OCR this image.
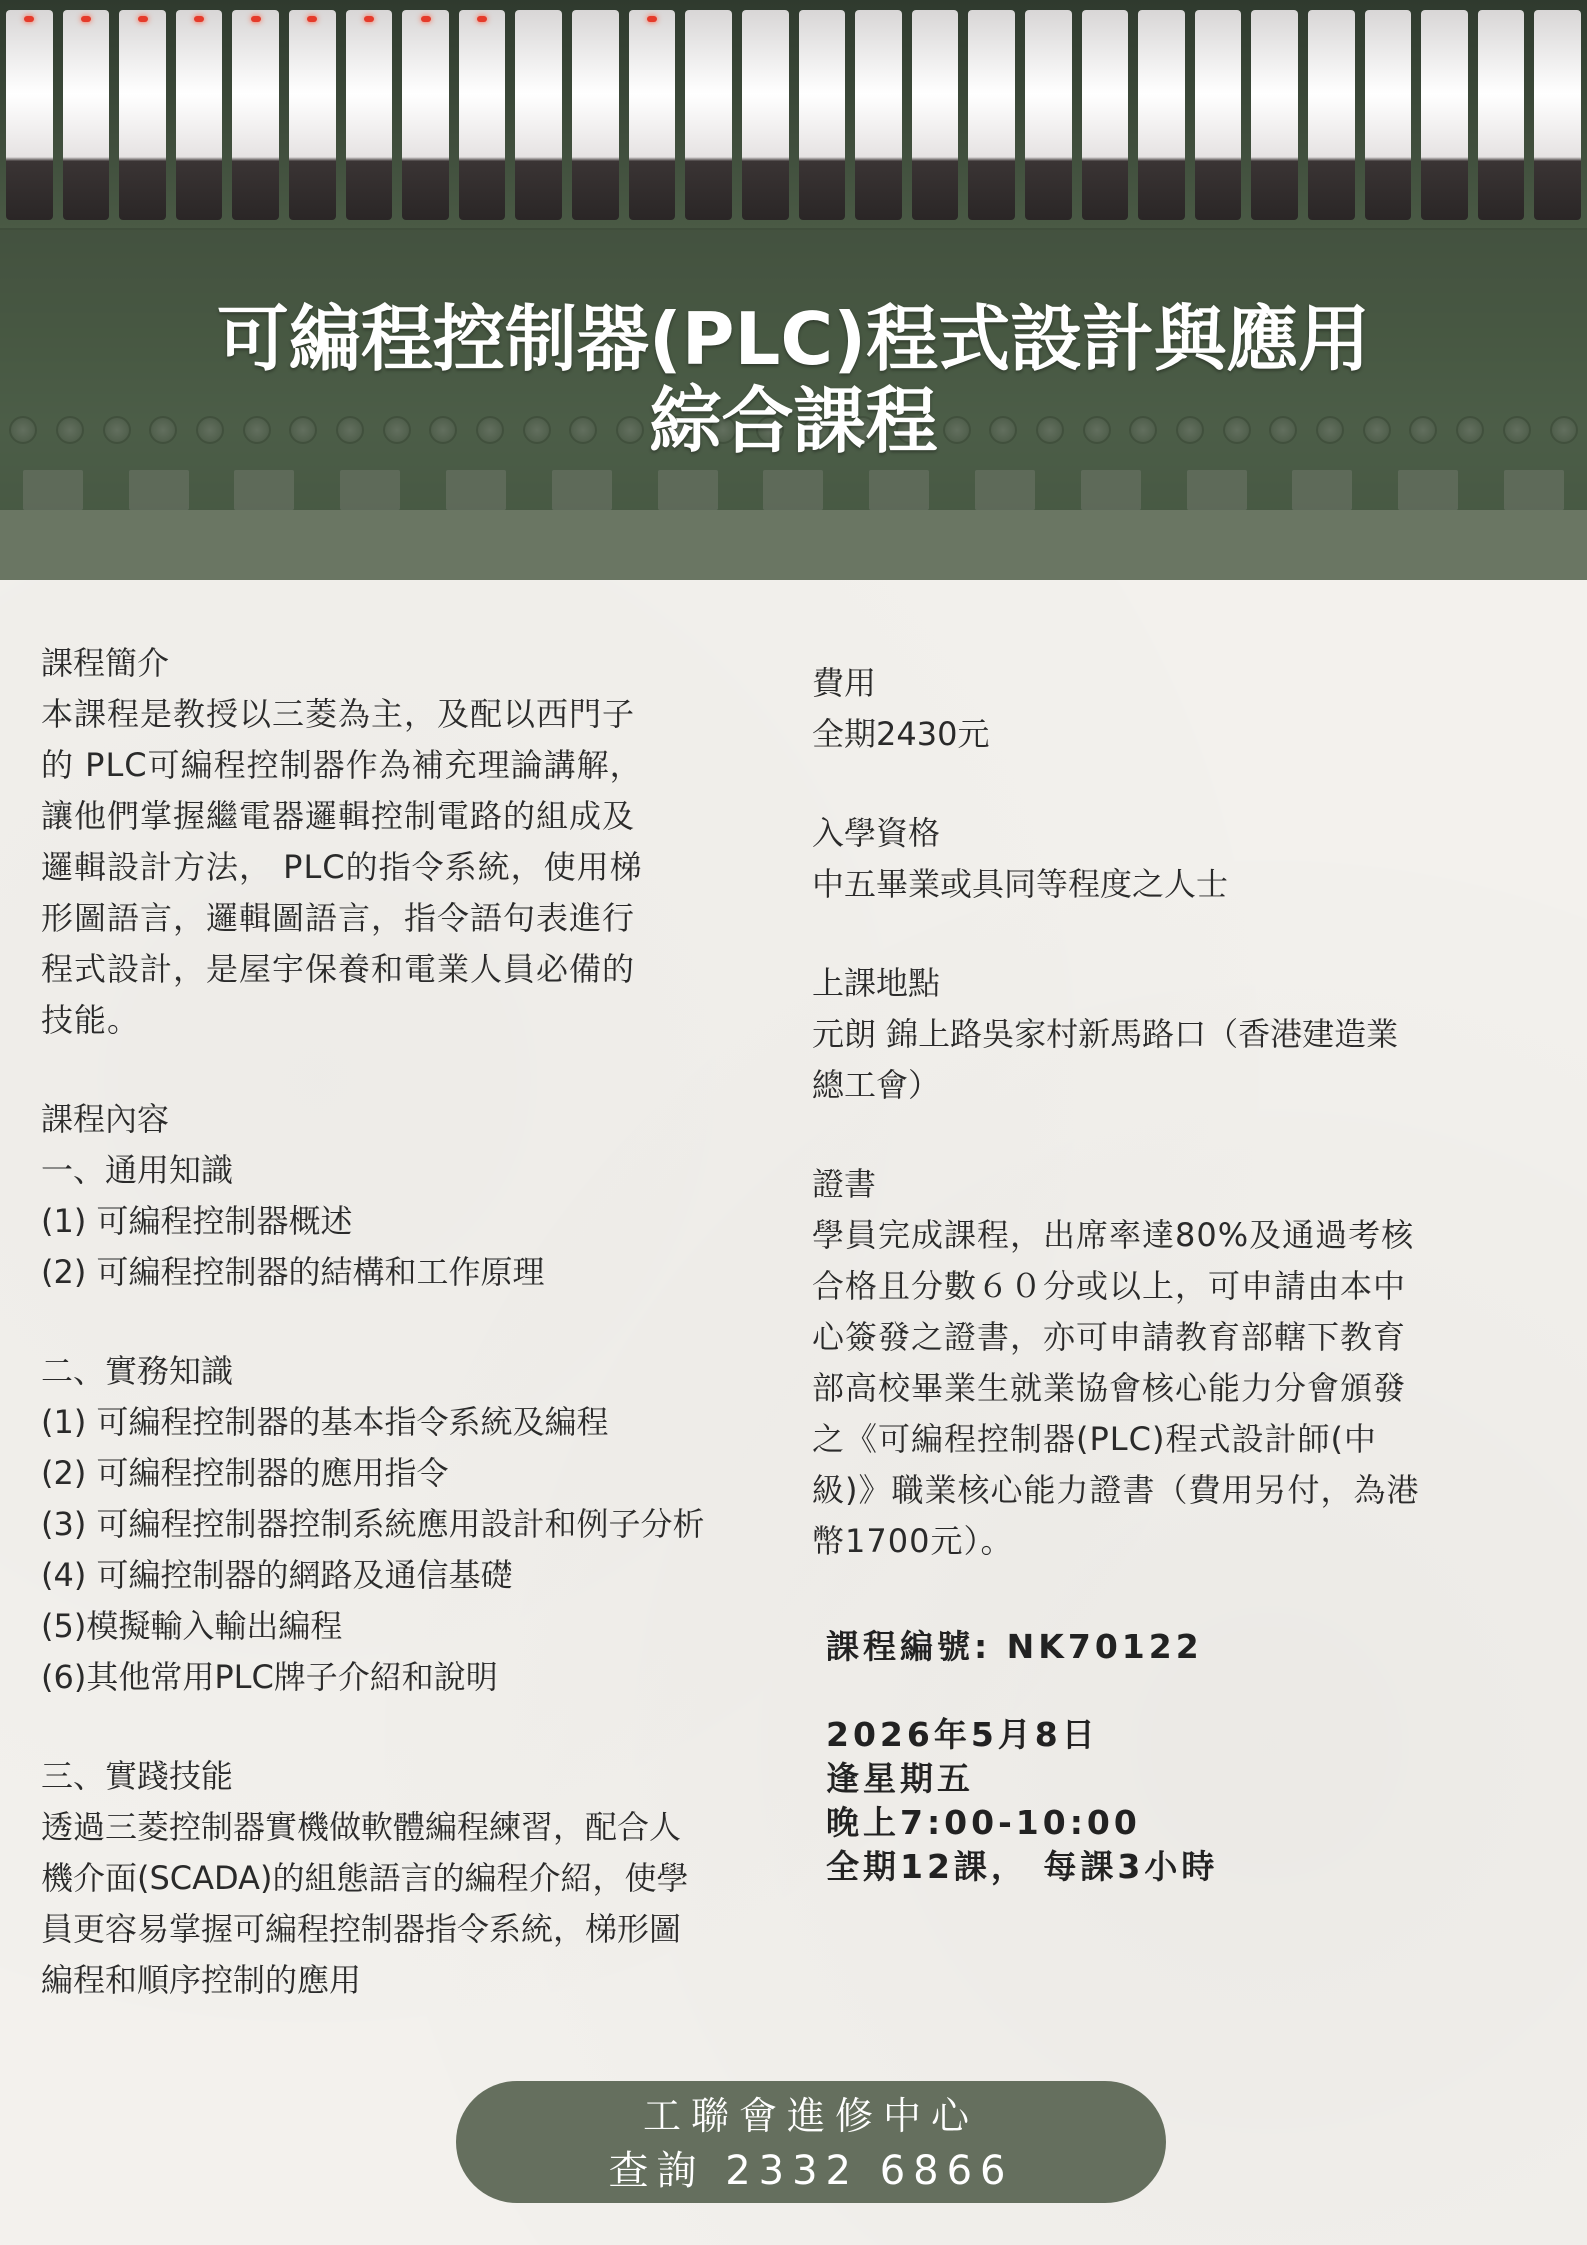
可編程控制器(PLC)程式設計與應用
綜合課程
課程簡介
本課程是教授以三菱為主，及配以西門子
的 PLC可編程控制器作為補充理論講解，
讓他們掌握繼電器邏輯控制電路的組成及
邏輯設計方法， PLC的指令系統，使用梯
形圖語言，邏輯圖語言，指令語句表進行
程式設計，是屋宇保養和電業人員必備的
技能。
課程內容
一、通用知識
(1) 可編程控制器概述
(2) 可編程控制器的結構和工作原理
二、實務知識
(1) 可編程控制器的基本指令系統及編程
(2) 可編程控制器的應用指令
(3) 可編程控制器控制系統應用設計和例子分析
(4) 可編控制器的網路及通信基礎
(5)模擬輸入輸出編程
(6)其他常用PLC牌子介紹和說明
三、實踐技能
透過三菱控制器實機做軟體編程練習，配合人
機介面(SCADA)的組態語言的編程介紹，使學
員更容易掌握可編程控制器指令系統，梯形圖
編程和順序控制的應用
費用
全期2430元
入學資格
中五畢業或具同等程度之人士
上課地點
元朗 錦上路吳家村新馬路口（香港建造業
總工會）
證書
學員完成課程，出席率達80%及通過考核
合格且分數６０分或以上，可申請由本中
心簽發之證書，亦可申請教育部轄下教育
部高校畢業生就業協會核心能力分會頒發
之《可編程控制器(PLC)程式設計師(中
級)》職業核心能力證書（費用另付，為港
幣1700元）。
課程編號: NK70122
2026年5月8日
逢星期五
晚上7:00-10:00
全期12課， 每課3小時
工聯會進修中心
查詢 2332 6866
